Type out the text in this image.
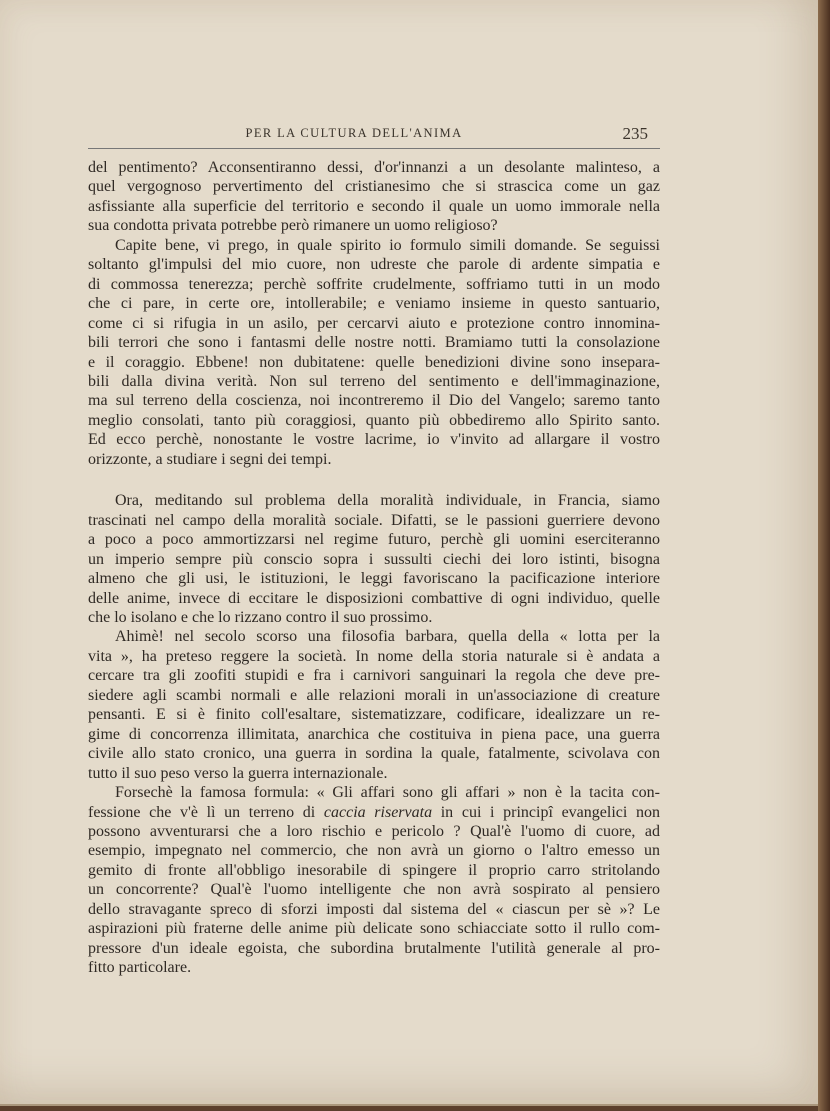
PER LA CULTURA DELL'ANIMA	235
del pentimento? Acconsentiranno dessi, d'or'innanzi a un desolante malinteso, a
quel vergognoso pervertimento del cristianesimo che si strascica come un gaz
asfissiante alla superficie del territorio e secondo il quale un uomo immorale nella
sua condotta privata potrebbe però rimanere un uomo religioso?
Capite bene, vi prego, in quale spirito io formulo simili domande. Se seguissi
soltanto gl'impulsi del mio cuore, non udreste che parole di ardente simpatia e
di commossa tenerezza; perchè soffrite crudelmente, soffriamo tutti in un modo
che ci pare, in certe ore, intollerabile; e veniamo insieme in questo santuario,
come ci si rifugia in un asilo, per cercarvi aiuto e protezione contro innomina-
bili terrori che sono i fantasmi delle nostre notti. Bramiamo tutti la consolazione
e il coraggio. Ebbene! non dubitatene: quelle benedizioni divine sono insepara-
bili dalla divina verità. Non sul terreno del sentimento e dell'immaginazione,
ma sul terreno della coscienza, noi incontreremo il Dio del Vangelo; saremo tanto
meglio consolati, tanto più coraggiosi, quanto più obbediremo allo Spirito santo.
Ed ecco perchè, nonostante le vostre lacrime, io v'invito ad allargare il vostro
orizzonte, a studiare i segni dei tempi.
Ora, meditando sul problema della moralità individuale, in Francia, siamo
trascinati nel campo della moralità sociale. Difatti, se le passioni guerriere devono
a poco a poco ammortizzarsi nel regime futuro, perchè gli uomini eserciteranno
un imperio sempre più conscio sopra i sussulti ciechi dei loro istinti, bisogna
almeno che gli usi, le istituzioni, le leggi favoriscano la pacificazione interiore
delle anime, invece di eccitare le disposizioni combattive di ogni individuo, quelle
che lo isolano e che lo rizzano contro il suo prossimo.
Ahimè! nel secolo scorso una filosofia barbara, quella della « lotta per la
vita », ha preteso reggere la società. In nome della storia naturale si è andata a
cercare tra gli zoofiti stupidi e fra i carnivori sanguinari la regola che deve pre-
siedere agli scambi normali e alle relazioni morali in un'associazione di creature
pensanti. E si è finito coll'esaltare, sistematizzare, codificare, idealizzare un re-
gime di concorrenza illimitata, anarchica che costituiva in piena pace, una guerra
civile allo stato cronico, una guerra in sordina la quale, fatalmente, scivolava con
tutto il suo peso verso la guerra internazionale.
Forsechè la famosa formula: « Gli affari sono gli affari » non è la tacita con-
fessione che v'è lì un terreno di caccia riservata in cui i principî evangelici non
possono avventurarsi che a loro rischio e pericolo ? Qual'è l'uomo di cuore, ad
esempio, impegnato nel commercio, che non avrà un giorno o l'altro emesso un
gemito di fronte all'obbligo inesorabile di spingere il proprio carro stritolando
un concorrente? Qual'è l'uomo intelligente che non avrà sospirato al pensiero
dello stravagante spreco di sforzi imposti dal sistema del « ciascun per sè »? Le
aspirazioni più fraterne delle anime più delicate sono schiacciate sotto il rullo com-
pressore d'un ideale egoista, che subordina brutalmente l'utilità generale al pro-
fitto particolare.
